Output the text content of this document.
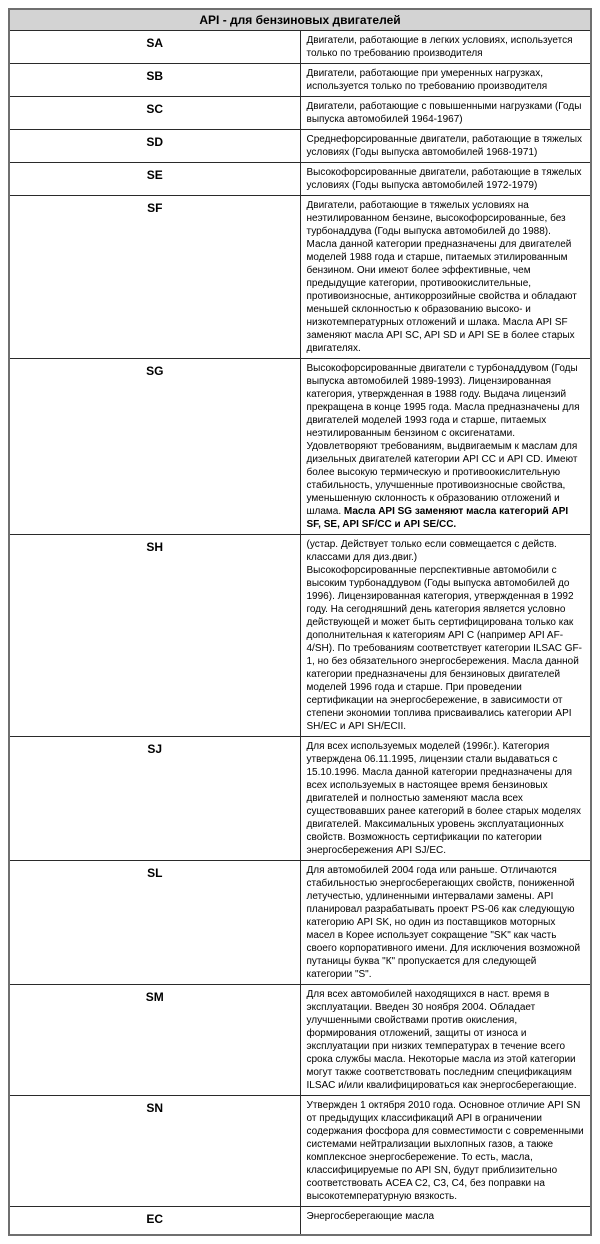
API - для бензиновых двигателей	
SA	Двигатели, работающие в легких условиях, используется только по требованию производителя

SB	Двигатели, работающие при умеренных нагрузках, используется только по требованию производителя

SC	Двигатели, работающие с повышенными нагрузками (Годы выпуска автомобилей 1964-1967)

SD	Среднефорсированные двигатели, работающие в тяжелых условиях (Годы выпуска автомобилей 1968-1971)

SE	Высокофорсированные двигатели, работающие в тяжелых условиях (Годы выпуска автомобилей 1972-1979)

SF	Двигатели, работающие в тяжелых условиях на неэтилированном бензине, высокофорсированные, без турбонаддува (Годы выпуска автомобилей до 1988). Масла данной категории предназначены для двигателей моделей 1988 года и старше, питаемых этилированным бензином. Они имеют более эффективные, чем предыдущие категории, противоокислительные, противоизносные, антикоррозийные свойства и обладают меньшей склонностью к образованию высоко- и низкотемпературных отложений и шлака. Масла API SF заменяют масла API SC, API SD и API SE в более старых двигателях.

SG	Высокофорсированные двигатели с турбонаддувом (Годы выпуска автомобилей 1989-1993). Лицензированная категория, утвержденная в 1988 году. Выдача лицензий прекращена в конце 1995 года. Масла предназначены для двигателей моделей 1993 года и старше, питаемых неэтилированным бензином с оксигенатами. Удовлетворяют требованиям, выдвигаемым к маслам для дизельных двигателей категории API CC и API CD. Имеют более высокую термическую и противоокислительную стабильность, улучшенные противоизносные свойства, уменьшенную склонность к образованию отложений и шлама. Масла API SG заменяют масла категорий API SF, SE, API SF/CC и API SE/CC.

SH	(устар. Действует только если совмещается с действ. классами для диз.двиг.)
Высокофорсированные перспективные автомобили с высоким турбонаддувом (Годы выпуска автомобилей до 1996). Лицензированная категория, утвержденная в 1992 году. На сегодняшний день категория является условно действующей и может быть сертифицирована только как дополнительная к категориям API C (например API AF-4/SH). По требованиям соответствует категории ILSAC GF-1, но без обязательного энергосбережения. Масла данной категории предназначены для бензиновых двигателей моделей 1996 года и старше. При проведении сертификации на энергосбережение, в зависимости от степени экономии топлива присваивались категории API SH/EC и API SH/ECII.

SJ	Для всех используемых моделей (1996г.). Категория утверждена 06.11.1995, лицензии стали выдаваться с 15.10.1996. Масла данной категории предназначены для всех используемых в настоящее время бензиновых двигателей и полностью заменяют масла всех существовавших ранее категорий в более старых моделях двигателей. Максимальных уровень эксплуатационных свойств. Возможность сертификации по категории энергосбережения API SJ/EC.

SL	Для автомобилей 2004 года или раньше. Отличаются стабильностью энергосберегающих свойств, пониженной летучестью, удлиненными интервалами замены. API планировал разрабатывать проект PS-06 как следующую категорию API SK, но один из поставщиков моторных масел в Корее использует сокращение "SK" как часть своего корпоративного имени. Для исключения возможной путаницы буква "К" пропускается для следующей категории "S".

SM	Для всех автомобилей находящихся в наст. время в эксплуатации. Введен 30 ноября 2004. Обладает улучшенными свойствами против окисления, формирования отложений, защиты от износа и эксплуатации при низких температурах в течение всего срока службы масла. Некоторые масла из этой категории могут также соответствовать последним спецификациям ILSAC и/или квалифицироваться как энергосберегающие.

SN	Утвержден 1 октября 2010 года. Основное отличие API SN от предыдущих классификаций API в ограничении содержания фосфора для совместимости с современными системами нейтрализации выхлопных газов, а также комплексное энергосбережение. То есть, масла, классифицируемые по API SN, будут приблизительно соответствовать ACEA C2, C3, C4, без поправки на высокотемпературную вязкость.

EC	Энергосберегающие масла
